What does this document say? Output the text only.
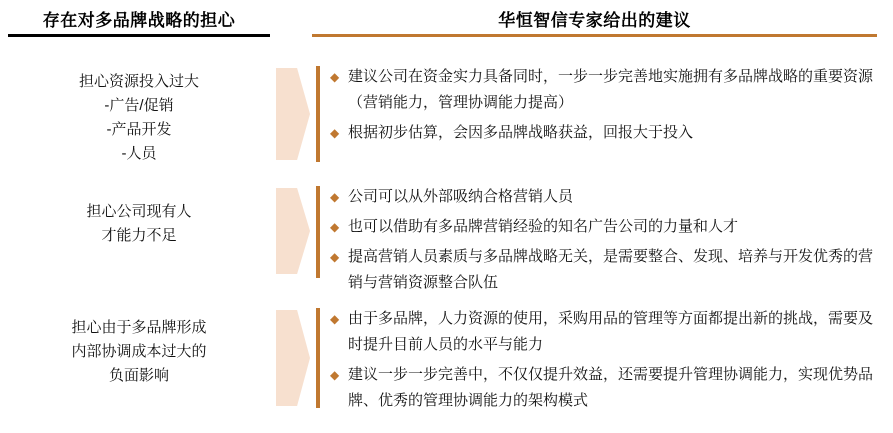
存在对多品牌战略的担心	华恒智信专家给出的建议
担心资源投入过大
-广告/促销
-产品开发
-人员
◆ 建议公司在资金实力具备同时，一步一步完善地实施拥有多品牌战略的重要资源（营销能力，管理协调能力提高）
◆ 根据初步估算，会因多品牌战略获益，回报大于投入
担心公司现有人
才能力不足
◆ 公司可以从外部吸纳合格营销人员
◆ 也可以借助有多品牌营销经验的知名广告公司的力量和人才
◆ 提高营销人员素质与多品牌战略无关，是需要整合、发现、培养与开发优秀的营销与营销资源整合队伍
担心由于多品牌形成
内部协调成本过大的
负面影响
◆ 由于多品牌，人力资源的使用，采购用品的管理等方面都提出新的挑战，需要及时提升目前人员的水平与能力
◆ 建议一步一步完善中，不仅仅提升效益，还需要提升管理协调能力，实现优势品牌、优秀的管理协调能力的架构模式
